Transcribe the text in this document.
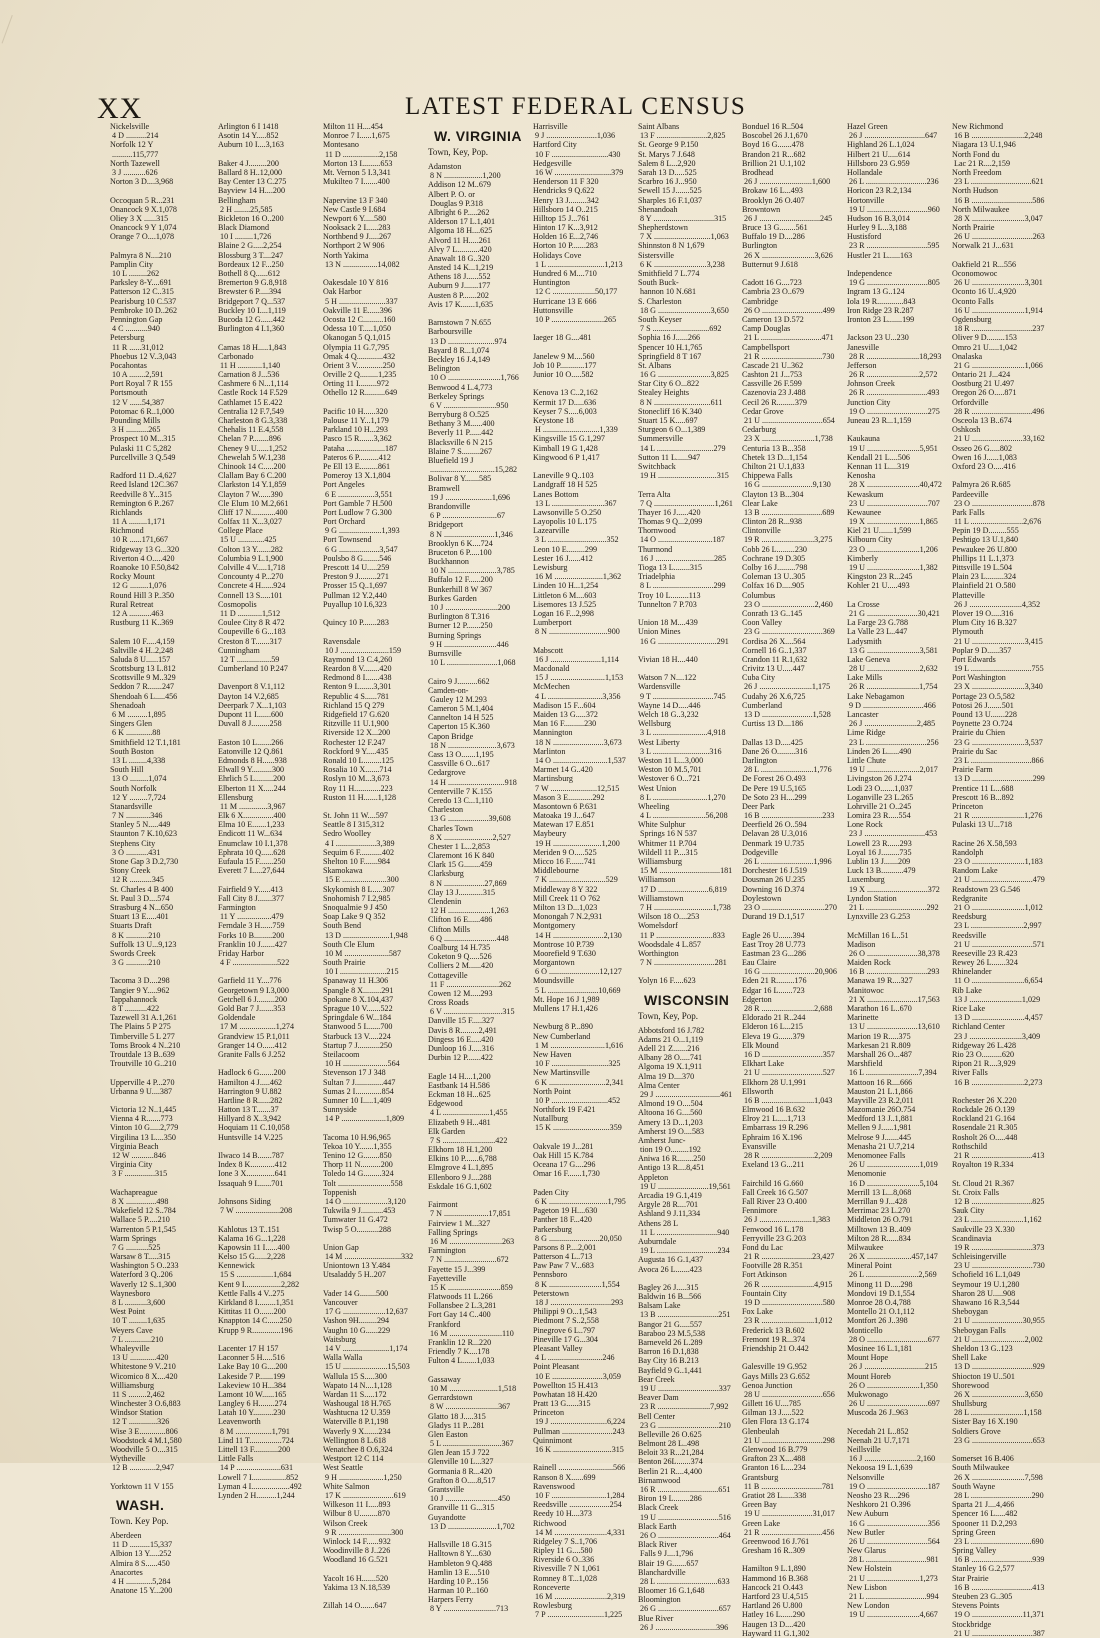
XX	LATEST FEDERAL CENSUS
Nickelsville
4 D ..........214
Norfolk 12 Y
..........115,777
North Tazewell
3 J ...........626
Norton 3 D....3,968
Occoquan 5 R...231
Onancock 9 X.1,078
Oliey 3 X ......315
Onancock 9 Y 1,074
Orange 7 O....1,078
Palmyra 8 N....210
Pamplin City
10 L .........262
Parksley 8-Y....691
Patterson 12 C..315
Pearisburg 10 C.537
Pembroke 10 D..262
Pennington Gap
4 C ...........940
Petersburg
11 R ......31,012
Phoebus 12 V..3,043
Pocahontas
10 A ........2,591
Port Royal 7 R 155
Portsmouth
12 V ......54,387
Potomac 6 R..1,000
Pounding Mills
3 H ...........265
Prospect 10 M...315
Pulaski 11 C 5,282
Purcellville 3 Q.549
Radford 11 D..4,627
Reed Island 12C.367
Reedville 8 Y...315
Remington 6 P..267
Richlands
11 A .........1,171
Richmond
10 R ......171,667
Ridgeway 13 G...320
Riverton 4 O.....420
Roanoke 10 F.50,842
Rocky Mount
12 G .........1,076
Round Hill 3 P..350
Rural Retreat
12 A ...........463
Rustburg 11 K..369
Salem 10 F.....4,159
Saltville 4 H..2,248
Saluda 8 U......157
Scottsburg 13 L.812
Scottsville 9 M..329
Seddon 7 R.......247
Shendoah 6 L.....456
Shenadoah
6 M ..........1,895
Singers Glen
6 K .............88
Smithfield 12 T.1,181
South Boston
13 L .........4,338
South Hill
13 O .........1,074
South Norfolk
12 Y .........7,724
Stanardsville
7 N ............346
Stanley 5 N.....449
Staunton 7 K.10,623
Stephens City
3 O ...........431
Stone Gap 3 D.2,730
Stony Creek
12 R ...........345
St. Charles 4 B 400
St. Paul 3 D....574
Strasburg 4 N...650
Stuart 13 E.....401
Stuarts Draft
8 K ...........210
Suffolk 13 U...9,123
Swords Creek
3 G ...........210
Tacoma 3 D....298
Tangier 9 Y.....962
Tappahannock
8 T ...........422
Tazewell 31 A.1,261
The Plains 5 P 275
Timberville 5 L 277
Toms Brook 4 N..210
Troutdale 13 B..639
Troutville 10 G..210
Upperville 4 P...270
Urbanna 9 U....387
Victoria 12 N..1,445
Vienna 4 R.......773
Vinton 10 G.....2,779
Virgilina 13 L....350
Virginia Beach
12 W ...........846
Virginia City
3 F ...............315
Wachapreague
8 X ...............498
Wakefield 12 S..784
Wallace 5 P.....210
Warrenton 5 P.1,545
Warm Springs
7 G ...........525
Warsaw 8 T.....315
Washington 5 O..233
Waterford 3 Q..206
Waverly 12 S..1,300
Waynesboro
8 L ...........3,600
West Point
10 T .........1,635
Weyers Cave
7 L .............210
Whaleyville
13 U .............420
Whitestone 9 V..210
Wicomico 8 X....420
Williamsburg
11 S .........2,462
Winchester 3 O.6,883
Windsor Station
12 T ..............326
Wise 3 E.............806
Woodstock 4 M.1,580
Woodville 5 O....315
Wytheville
12 B .............2,947
Yorktown 11 V 155
WASH.
Town. Key Pop.
Aberdeen
11 D ..........15,337
Albion 13 Y.....252
Almira 8 S......450
Anacortes
4 H .............5,284
Anatone 15 Y...200
Arlington 6 I 1418
Asotin 14 Y.....852
Auburn 10 I....3,163
Baker 4 J.........200
Ballard 8 H..12,000
Bay Center 13 C.275
Bayview 14 H....200
Bellingham
2 H ........25,585
Bickleton 16 O..200
Black Diamond
10 I .........1,726
Blaine 2 G.....2,254
Blossburg 3 T....247
Bordeaux 12 F...250
Bothell 8 Q......612
Bremerton 9 G.8,918
Brewster 6 P.....394
Bridgeport 7 Q...537
Buckley 10 I....1,119
Bucoda 12 G......442
Burlington 4 I.1,360
Camas 18 H.....1,843
Carbonado
11 H ............1,140
Carnation 8 J...536
Cashmere 6 N...1,114
Castle Rock 14 F.529
Cathlamet 15 E.422
Centralia 12 F.7,549
Charleston 8 G.3,338
Chehalis 11 E.4,558
Chelan 7 P........896
Cheney 9 U......1,252
Chewelah 5 W.1,238
Chinook 14 C.....200
Clallam Bay 6 C.200
Clarkston 14 Y.1,859
Clayton 7 W......390
Cle Elum 10 M.2,661
Cliff 17 N............400
Colfax 11 X...3,027
College Place
15 U .............425
Colton 13 Y.......282
Columbia 9 L.1,900
Colville 4 V.....1,718
Concounty 4 P...270
Concrete 4 H......924
Connell 13 S.....101
Cosmopolis
11 D ............1,512
Coulee City 8 R 472
Coupeville 6 G...183
Creston 8 T.......317
Cunningham
12 T .................59
Cumberland 10 P.247
Davenport 8 V.1,112
Dayton 14 V.2,685
Deerpark 7 X...1,103
Dupont 11 I.......600
Duvall 8 J.........258
Easton 10 L.......266
Eatonville 12 Q.861
Edmonds 8 H......938
Elwall 9 Y..........300
Ehrlich 5 L.........200
Elberton 11 X.....244
Ellensburg
11 M ..............3,967
Elk 6 X...............400
Elma 10 E.......1,233
Endicott 11 W...634
Enumclaw 10 I.1,378
Ephrata 10 Q......628
Eufaula 15 F.......250
Everett 7 I.....27,644
Fairfield 9 Y......413
Fall City 8 J.......377
Farmington
11 Y .................479
Ferndale 3 H......759
Forks 10 B.........200
Franklin 10 J.......427
Friday Harbor
4 F ......................522
Garfield 11 Y....776
Georgetown 9 I.3,000
Getchell 6 J.........200
Gold Bar 7 J.......353
Goldendale
17 M ..................1,274
Grandview 15 P.1,011
Granger 14 O......412
Granite Falls 6 J.252
Hadlock 6 G.......200
Hamilton 4 J.....462
Harrington 9 U.882
Hartline 8 R......282
Hatton 13 T.......37
Hillyard 8 X..3,942
Hoquiam 11 C.10,058
Huntsville 14 V.225
Ilwaco 14 B.......787
Index 8 K............412
Ione 3 X..............641
Issaquah 9 I.......701
Johnsons Siding
7 W ......................208
Kahlotus 13 T..151
Kalama 16 G...1,228
Kapowsin 11 I......400
Kelso 15 G......2,228
Kennewick
15 S ..................1,684
Kent 9 I..................2,282
Kettle Falls 4 V..275
Kirkland 8 I.........1,351
Kittitas 11 O.......200
Knappton 14 C......250
Krupp 9 R..............196
Lacenter 17 H 157
Laconner 5 H.....516
Lake Bay 10 G....200
Lakeside 7 P.......199
Lakeview 10 H...384
Lamont 10 W......165
Langley 6 H........274
Latah 10 Y..........230
Leavenworth
8 M ..................1,791
Lind 11 T................724
Littell 13 F............200
Little Falls
14 P ......................631
Lowell 7 I.................852
Lyman 4 I...................492
Lynden 2 H..........1,244
Milton 11 H....454
Monroe 7 I......1,675
Montesano
11 D ..................2,158
Morton 13 I.........653
Mt. Vernon 5 I.3,341
Mukilteo 7 I.......400
Napervine 13 F 340
New Castle 9 I.684
Newport 6 Y.....580
Nooksack 2 I......283
Northbend 9 J.....267
Northport 2 W 906
North Yakima
13 N .................14,082
Oakesdale 10 Y 816
Oak Harbor
5 H .......................337
Oakville 11 E......396
Ocosta 12 C..........160
Odessa 10 T.....1,050
Okanogan 5 Q.1,015
Olympia 11 G.7,795
Omak 4 Q.............432
Orient 3 V.............250
Orville 2 Q.........1,235
Orting 11 I.........972
Othello 12 R..........649
Pacific 10 H......320
Palouse 11 Y...1,179
Parkland 10 H...293
Pasco 15 R.......3,362
Pataha ...................187
Pateros 6 P..........412
Pe Ell 13 E.........861
Pomeroy 13 X.1,804
Port Angeles
6 E ..................3,551
Port Gamble 7 H.500
Port Ludlow 7 G.300
Port Orchard
9 G .....................1,393
Port Townsend
6 G ....................3,547
Poulsbo 8 G........546
Prescott 14 U.....259
Preston 9 J.........271
Prosser 15 Q..1,697
Pullman 12 Y.2,440
Puyallup 10 I.6,323
Quincy 10 P.......283
Ravensdale
10 J ........................159
Raymond 13 C.4,260
Reardon 8 V........420
Redmond 8 I.......438
Renton 9 I........3,301
Republic 4 S......781
Richland 15 Q 279
Ridgefield 17 G.620
Ritzville 11 U.1,900
Riverside 12 X...200
Rochester 12 F.247
Rockford 9 Y.....435
Ronald 10 L.........125
Rosalia 10 X.......714
Roslyn 10 M...3,673
Roy 11 H.............223
Ruston 11 H.......1,128
St. John 11 W....597
Seattle 8 I 315,312
Sedro Woolley
4 I ....................3,389
Sequim 6 F...........402
Shelton 10 F.......984
Skamokawa
15 E ......................300
Skykomish 8 L.....307
Snohomish 7 I.2,985
Snoqualmie 9 J 450
Soap Lake 9 Q 352
South Bend
13 D .......................1,948
South Cle Elum
10 M ......................587
South Prairie
10 I .......................215
Spanaway 11 H.306
Spangle 8 X.........291
Spokane 8 X.104,437
Sprague 10 V.......522
Springdale 6 W...184
Stanwood 5 I.......700
Starbuck 13 V.....224
Startup 7 J...........250
Steilacoom
10 H ......................564
Stevenson 17 J 348
Sultan 7 J..............447
Sumas 2 I.............854
Sumner 10 I.....1,409
Sunnyside
14 P ......................1,809
Tacoma 10 H.96,965
Tekoa 10 Y.......1,355
Tenino 12 G........850
Thorp 11 N..........200
Toledo 14 G.........324
Tolt ..........................558
Toppenish
14 O ......................3,120
Tukwila 9 J...........453
Tumwater 11 G.472
Twisp 5 O...........288
Union Gap
14 M ............................332
Uniontown 13 Y.484
Utsaladdy 5 H..207
Vader 14 G........500
Vancouver
17 G .....................12,637
Vashon 9H.........294
Vaughn 10 G......229
Waitsburg
14 V .......................1,174
Walla Walla
15 U ......................15,503
Wallula 15 S.....300
Wapato 14 N....1,128
Wardan 11 S.....172
Washougal 18 H.765
Washtucna 12 U.359
Waterville 8 P.1,198
Waverly 9 X.......234
Wellington 8 L.618
Wenatchee 8 O.6,324
Westport 12 C 114
West Seattle
9 H ......................1,250
White Salmon
17 K .........................619
Wilkeson 11 I.....893
Wilbur 8 U.........870
Wilson Creek
9 R ..........................300
Winlock 14 F......932
Woodinville 8 J..226
Woodland 16 G.521
Yacolt 16 H.......520
Yakima 13 N.18,539
Zillah 14 O.......647
W. VIRGINIA
Town, Key, Pop.
Adamston
8 N ...................1,200
Addison 12 M..679
Albert P. O. or
Douglas 9 P.318
Albright 6 P.....262
Alderson 17 L.1,401
Algoma 18 H....625
Alvord 11 H.....261
Alvy 7 L...........420
Anawalt 18 G..320
Ansted 14 K...1,219
Athens 18 J......552
Auburn 9 J.......177
Austen 8 P.......202
Avis 17 K.......1,635
Barnstown 7 N.655
Barboursville
13 D .......................974
Bayard 8 R...1,074
Beckley 16 J.4,149
Belington
10 O ..........................1,766
Benwood 4 L.4,773
Berkeley Springs
6 V ..........................950
Berryburg 8 O.525
Bethany 3 M......400
Beverly 11 P......442
Blacksville 6 N 215
Blaine 7 S.........267
Bluefield 19 J
................................15,282
Bolivar 8 Y.......585
Bramwell
19 J .......................1,696
Brandonville
6 P ...........................67
Bridgeport
8 N .........................1,346
Brooklyn 6 K....724
Bruceton 6 P.....100
Buckhannon
10 N ........................3,785
Buffalo 12 F......200
Bunkerhill 8 W 367
Burkes Garden
10 J ..........................200
Burlington 8 T.316
Burner 12 P.......250
Burning Springs
9 H ..........................446
Burnsville
10 L .........................1,068
Cairo 9 J..........662
Camden-on-
Gauley 12 M.293
Cameron 5 M.1,404
Cannelton 14 H 525
Caperton 15 K.360
Capon Bridge
18 N ........................3,673
Cass 13 O.......1,195
Cassville 6 O...617
Cedargrove
14 H ............................918
Centerville 7 K.155
Ceredo 13 C...1,110
Charleston
13 G ....................39,608
Charles Town
8 X ........................2,527
Chester 1 L...2,853
Claremont 16 K 840
Clark 15 G........459
Clarksburg
8 N ....................27,869
Clay 13 J............315
Clendenin
12 H .....................1,263
Clifton 16 E......486
Clifton Mills
6 Q ..........................448
Coalburg 14 H.735
Coketon 9 Q.....526
Colliers 2 M......420
Cottageville
11 F ..........................262
Cowen 12 M.....293
Cross Roads
6 V .............................315
Danville 15 F.....327
Davis 8 R.........2,491
Dingess 16 E.....420
Dunloop 16 J.....316
Durbin 12 P.......422
Eagle 14 H....1,200
Eastbank 14 H.586
Eckman 18 H...625
Edgewood
4 L .......................1,455
Elizabeth 9 H...481
Elk Garden
7 S ..........................422
Elkhorn 18 H.1,200
Elkins 10 P.......6,788
Elmgrove 4 L.1,895
Ellenboro 9 J....288
Eskdale 16 G.1,602
Fairmont
7 N ......................17,851
Fairview 1 M...327
Falling Springs
16 M ..........................263
Farmington
7 N ..........................672
Fayette 15 J...399
Fayetteville
15 K ..........................859
Flatwoods 11 L.266
Follansbee 2 L.3,281
Fort Gay 14 C..400
Frankford
16 M ..........................110
Franklin 12 R...220
Friendly 7 K....178
Fulton 4 L.......1,033
Gassaway
10 M ........................1,518
Gerrardstown
8 W ..........................367
Glatto 18 J.....315
Gladys 11 P...281
Glen Easton
5 L .............................367
Glen Jean 15 J 722
Glenville 10 L...327
Gormania 8 R...420
Grafton 8 O.....8,517
Grantsville
10 J ..........................450
Granville 11 G...315
Guyandotte
13 D ........................1,702
Hallsville 18 G.315
Halltown 8 Y....630
Hambleton 9 Q.488
Hamlin 13 E....510
Harding 10 P...156
Harman 10 P...160
Harpers Ferry
8 Y ..........................713
Harrisville
9 J .........................1,036
Hartford City
10 F ............................430
Hedgesville
16 W ............................379
Henderson 11 F 320
Hendricks 9 Q.622
Henry 13 J.........342
Hillsboro 14 O..215
Hilltop 15 J...761
Hinton 17 K...3,912
Holden 16 E...2,746
Horton 10 P.......283
Holidays Cove
1 L ............................1,213
Hundred 6 M....710
Huntington
12 C .....................50,177
Hurricane 13 E 666
Huttonsville
10 P ..........................265
Iaeger 18 G....481
Janelew 9 M....560
Job 10 P............177
Junior 10 O.....582
Kenova 13 C..2,162
Kermit 17 D.....636
Keyser 7 S.....6,003
Keystone 18
H ............................1,339
Kingsville 15 G.1,297
Kimball 19 G 1,428
Kingwood 6 P 1,417
Laneville 9 Q..103
Landgraff 18 H 525
Lanes Bottom
13 L ..........................367
Lawsonville 5 O.250
Layopolis 10 L.175
Lazearville
3 L .............................352
Leon 10 E.........299
Lester 16 J......412
Lewisburg
16 M ........................1,362
Linden 10 H...1,254
Littleton 6 M....603
Lisemores 13 J.525
Logan 16 F...2,998
Lumberport
8 N .............................900
Mabscott
16 J .........................1,114
Macdonald
15 J ...........................1,153
McMechen
4 L ...........................3,356
Madison 15 F...604
Maiden 13 G.....372
Man 16 F..........230
Mannington
18 N .........................3,673
Marlinton
14 O ...........................1,537
Marmet 14 G..420
Martinsburg
7 W .......................12,515
Mason 3 E............292
Masontown 6 P.631
Matoaka 19 J...647
Matewan 17 E.851
Maybeury
19 H ........................1,200
Meriden 9 O.....525
Micco 16 F.......741
Middlebourne
7 K ............................529
Middleway 8 Y 322
Mill Creek 11 O 762
Milton 13 D...1,023
Monongah 7 N.2,931
Montgomery
14 H .........................2,130
Montrose 10 P.739
Moorefield 9 T.630
Morgantown
6 O .........................12,127
Moundsville
5 L .........................10,669
Mt. Hope 16 J 1,989
Mullens 17 H.1,426
Newburg 8 P...890
New Cumberland
1 M ...........................1,616
New Haven
10 F ............................325
New Martinsville
6 K ............................2,341
North Point
10 P ............................452
Northfork 19 F.421
Nutallburg
15 K ............................359
Oakvale 19 J...281
Oak Hill 15 K.784
Oceana 17 G....296
Omar 16 F.......1,730
Paden City
6 K .............................1,795
Pageton 19 H....630
Panther 18 F...420
Parkersburg
8 G .........................20,050
Parsons 8 P....2,001
Patterson 4 L..713
Paw Paw 7 V...683
Pennsboro
8 K ..........................1,554
Peterstown
18 J ..............................293
Philippi 9 O...1,543
Piedmont 7 S..2,558
Pinegrove 6 L..797
Pineville 17 G...304
Pleasant Valley
4 L ...........................246
Point Pleasant
10 E .........................3,059
Powellton 15 H.413
Powhatan 18 H.420
Pratt 13 G......315
Princeton
19 J ............................6,224
Pullman .........................243
Quinnimont
16 K .............................315
Rainell ...........................566
Ranson 8 X......699
Ravenswood
10 F ...........................1,284
Reedsville ....................254
Reedy 10 H....373
Richwood
14 M ..........................4,331
Ridgeley 7 S..1,706
Ripley 11 G....580
Riverside 6 O..336
Rivesville 7 N 1,061
Romney 8 T...1,028
Ronceverte
16 M ..........................2,319
Rowlesburg
7 P ............................1,225
Saint Albans
13 F .........................2,825
St. George 9 P.150
St. Marys 7 J.648
Salem 8 L...2,920
Sarah 13 D.....525
Scarbro 16 J...950
Sewell 15 J.......525
Sharples 16 F.1,037
Shenandoah
8 Y ..............................315
Shepherdstown
7 X ............................1,063
Shinnston 8 N 1,679
Sistersville
6 K ..........................3,238
Smithfield 7 L.774
South Buck-
hannon 10 N.681
S. Charleston
18 G ..........................3,650
South Keyser
7 S ............................692
Sophia 16 J......266
Spencer 10 H.1,765
Springfield 8 T 167
St. Albans
16 G ..........................3,825
Star City 6 O...822
Stealey Heights
8 N ............................611
Stonecliff 16 K.340
Stuart 15 K.....697
Sturgeon 6 O...1,389
Summersville
14 L ............................279
Sutton 11 L......947
Switchback
19 H .............................315
Terra Alta
7 Q ..............................1,261
Thayer 16 J......420
Thomas 9 Q...2,099
Thornwood
14 O ...........................187
Thurmond
16 J .............................285
Tioga 13 L........315
Triadelphia
8 L ..............................299
Troy 10 L.........113
Tunnelton 7 P.703
Union 18 M....439
Union Mines
16 G .............................291
Vivian 18 H....440
Watson 7 N....122
Wardensville
9 T ..............................745
Wayne 14 D.....446
Welch 18 G..3,232
Wellsburg
3 L ...........................4,918
West Liberty
3 L ............................316
Weston 11 L...3,000
Weston 10 M.5,701
Westover 6 O...721
West Union
8 L ...........................1,270
Wheeling
4 L ..........................56,208
White Sulphur
Springs 16 N 537
Whitmer 11 P.704
Wildell 11 P....315
Williamsburg
15 M ..............................181
Williamson
17 D .........................6,819
Williamstown
7 H .............................1,738
Wilson 18 O....253
Womelsdorf
11 P ............................833
Woodsdale 4 L.857
Worthington
7 N ..............................281
Yolyn 16 F.....623
WISCONSIN
Town, Key, Pop.
Abbotsford 16 J.782
Adams 21 O...1,119
Adell 21 Z.......216
Albany 28 O.....741
Algoma 19 X.1,911
Alma 19 D....370
Alma Center
29 J ................................461
Almond 19 O....504
Altoona 16 G....560
Amery 13 D...1,203
Amherst 19 O....583
Amherst Junc-
tion 19 O.........192
Aniwa 16 R........250
Antigo 13 R....8,451
Appleton
19 U .........................19,561
Arcadia 19 G.1,419
Argyle 28 R....701
Ashland 9 J.11,334
Athens 28 L
11 L ..............................940
Auburndale
19 L ..............................234
Augusta 16 G.1,437
Avoca 26 L.......423
Bagley 26 J.....315
Baldwin 16 B...566
Balsam Lake
13 B ..............................251
Bangor 21 G.....557
Baraboo 23 M.5,538
Barneveld 26 L.289
Barron 16 D.1,838
Bay City 16 B.213
Bayfield 9 G..1,441
Bear Creek
19 U ..............................337
Beaver Dam
23 R ..........................7,992
Bell Center
23 G ..............................210
Belleville 26 O.625
Belmont 28 L..498
Beloit 33 R...21,284
Benton 26L.......374
Berlin 21 R....4,400
Birnamwood
16 R ..............................651
Biron 19 L........286
Black Creek
19 U ..............................516
Black Earth
26 O ..............................464
Black River
Falls 9 J....1,796
Blair 19 G.......657
Blanchardville
28 L ..............................633
Bloomer 16 G.1,648
Bloomington
26 G ..............................657
Blue River
26 J ..............................396
Bonduel 16 R..504
Boscobel 26 J.1,670
Boyd 16 G.......478
Brandon 21 R...682
Brillion 21 U.1,102
Brodhead
26 J ..........................1,600
Brokaw 16 L...493
Brooklyn 26 O.407
Browntown
26 J ..............................245
Bruce 13 G........561
Buffalo 19 D....286
Burlington
26 X ..........................3,626
Butternut 9 J.618
Cadott 16 G....723
Cambria 23 O..679
Cambridge
26 O ..............................499
Cameron 13 D.572
Camp Douglas
21 L ..............................471
Campbellsport
21 R ..............................730
Cascade 21 U..362
Cashton 21 J...753
Cassville 26 F.599
Cazenovia 23 J.488
Cecil 26 R.........379
Cedar Grove
21 U ..............................654
Cedarburg
23 X ..........................1,738
Centuria 13 B...358
Chetek 13 D...1,154
Chilton 21 U.1,833
Chippewa Falls
16 G .........................9,130
Clayton 13 B...304
Clear Lake
13 B ..............................689
Clinton 28 R...938
Clintonville
19 R ..........................3,275
Cobb 26 L.........230
Cochrane 19 D.305
Colby 16 J.........798
Coleman 13 U..305
Colfax 16 D.....905
Columbus
23 O ..........................2,460
Conrath 13 G..145
Coon Valley
23 G ..............................369
Cordisa 26 X....564
Cornell 16 G..1,337
Crandon 11 R.1,632
Crivitz 13 U.....447
Cuba City
26 J ..........................1,175
Cudahy 26 X.6,725
Cumberland
13 D .........................1,528
Curtiss 13 D....186
Dallas 13 D.....425
Dane 26 O.........316
Darlington
28 L ..........................1,776
De Forest 26 O.493
De Pere 19 U.5,165
De Soto 23 H....299
Deer Park
16 B ..............................233
Deerfield 26 O..594
Delavan 28 U.3,016
Denmark 19 U.735
Dodgeville
26 L ..........................1,996
Dorchester 16 J.519
Dousman 26 U.235
Downing 16 D.374
Doylestown
23 O ...............................270
Durand 19 D.1,517
Eagle 26 U.......394
East Troy 28 U.773
Eastman 23 G...286
Eau Claire
16 G ..........................20,906
Eden 21 R.........176
Edgar 16 L.......723
Edgerton
28 R ..........................2,688
Eldorado 21 R..244
Elderon 16 L...215
Eleva 19 G.......379
Elk Mound
16 D ..............................357
Elkhart Lake
21 U ..............................527
Elkhorn 28 U.1,991
Ellsworth
16 B ..........................1,043
Elmwood 16 B.632
Elroy 21 L.....1,713
Embarrass 19 R.296
Ephraim 16 X.196
Evansville
28 R ..........................2,209
Exeland 13 G...211
Fairchild 16 G.660
Fall Creek 16 G.507
Fall River 23 O.400
Fennimore
26 J ..........................1,383
Fenwood 16 L.178
Ferryville 23 G.203
Fond du Lac
21 R .........................23,427
Footville 28 R.351
Fort Atkinson
26 R ..........................4,915
Fountain City
19 D ..............................580
Fox Lake
23 R ..........................1,012
Frederick 13 B.602
Fremont 19 R...374
Friendship 21 O.442
Galesville 19 G.952
Gays Mills 23 G.652
Genoa Junction
28 U ..............................656
Gillett 16 U....785
Gilman 13 J.....522
Glen Flora 13 G.174
Glenbeulah
21 U ..............................298
Glenwood 16 B.779
Grafton 23 X....488
Granton 16 L....234
Grantsburg
11 B ..............................781
Gratiot 28 L......338
Green Bay
19 U .........................31,017
Green Lake
21 R ..............................456
Greenwood 16 J.761
Gresham 16 R..309
Hamilton 9 L.1,890
Hammond 16 B.368
Hancock 21 O.443
Hartford 23 U.4,515
Hartland 26 U.800
Hatley 16 L......290
Haugen 13 D....420
Hayward 11 G.1,302
Hazel Green
26 J ..............................647
Highland 26 L.1,024
Hilbert 21 U.....614
Hillsboro 23 G.959
Hollandale
26 L ..............................236
Horicon 23 R.2,134
Hortonville
19 U ..............................960
Hudson 16 B.3,014
Hurley 9 L...3,188
Hustisford
23 R ..............................595
Hustler 21 L......163
Independence
19 G ..............................805
Ingram 13 G..124
Iola 19 R.............843
Iron Ridge 23 R.287
Ironton 23 L.......199
Jackson 23 U...230
Janesville
28 R ..........................18,293
Jefferson
26 R ..........................2,572
Johnson Creek
26 R ..............................493
Junction City
19 O ..............................275
Juneau 23 R...1,159
Kaukauna
19 U ..........................5,951
Kendall 21 L....506
Kennan 11 L....319
Kenosha
28 X ..........................40,472
Kewaskum
23 U ..............................707
Kewaunee
19 X ..........................1,865
Kiel 21 U.......1,599
Kilbourn City
23 O ..........................1,206
Kimberly
19 U ..........................1,382
Kingston 23 R...245
Kohler 21 U.....493
La Crosse
21 G .........................30,421
La Farge 23 G.788
La Valle 23 L..447
Ladysmith
13 G ..........................3,581
Lake Geneva
28 U ..........................2,632
Lake Mills
26 R ..........................1,754
Lake Nebagamon
9 D ..............................466
Lancaster
26 J ..........................2,485
Lime Ridge
23 L ..............................256
Linden 26 L......490
Little Chute
19 U ..........................2,017
Livingston 26 J.274
Lodi 23 O.......1,037
Loganville 23 L.265
Lohrville 21 O..245
Lomira 23 R.....554
Lone Rock
23 J ..............................453
Lowell 23 R......293
Loyal 16 J.........735
Lublin 13 J.......209
Luck 13 B...........479
Luxemburg
19 X ..............................372
Lyndon Station
21 L ..............................292
Lynxville 23 G.253
McMillan 16 L..51
Madison
26 O .........................38,378
Maiden Rock
16 B ..............................293
Manawa 19 R....327
Manitowoc
21 X .........................17,563
Marathon 16 L..670
Marinette
13 U .........................13,610
Marion 19 R.....375
Markesan 21 R.809
Marshall 26 O...487
Marshfield
16 L ..........................7,394
Mattoon 16 R....666
Mauston 21 L.1,866
Mayville 23 R.2,011
Mazomanie 26O.754
Medford 13 J..1,881
Mellen 9 J......1,981
Melrose 9 J.......445
Menasha 21 U.7,214
Menomonee Falls
26 U ..........................1,019
Menomonie
16 D ..........................5,104
Merrill 13 L...8,068
Merrillan 9 J...428
Merrimac 23 L.270
Middleton 26 O.791
Milltown 13 B..409
Milton 28 R......834
Milwaukee
26 X ......................457,147
Mineral Point
26 L ..........................2,569
Minong 11 D.....298
Mondovi 19 D.1,554
Monroe 28 O.4,788
Montello 21 O.1,112
Montfort 26 J..398
Monticello
28 O ..............................677
Mosinee 16 L.1,181
Mount Hope
26 J ..............................215
Mount Horeb
26 O ..........................1,350
Mukwonago
26 U ..............................697
Muscoda 26 J..963
Necedah 21 L..852
Neenah 21 U.7,171
Neillsville
16 J ..........................2,160
Nekoosa 19 L.1,639
Nelsonville
19 O ..............................187
Neosho 23 R....296
Neshkoro 21 O.396
New Auburn
16 G ..............................356
New Butler
26 U ..............................564
New Glarus
28 L ..............................981
New Holstein
21 U ..........................1,273
New Lisbon
21 L ..............................994
New London
19 U ..........................4,667
New Richmond
16 B ..........................2,248
Niagara 13 U.1,946
North Fond du
Lac 21 R....2,159
North Freedom
23 L ..............................621
North Hudson
16 B ..............................586
North Milwaukee
28 X ..........................3,047
North Prairie
26 U ..............................263
Norwalk 21 J...631
Oakfield 21 R...556
Oconomowoc
26 U ..........................3,301
Oconto 16 U..4,920
Oconto Falls
16 U ..........................1,914
Ogdensburg
18 R ..............................237
Oliver 9 D.........153
Omro 21 U.....1,042
Onalaska
21 G ..........................1,066
Ontario 21 J...424
Oostburg 21 U.497
Oregon 26 O.....871
Orfordville
28 R ..............................496
Osceola 13 B..674
Oshkosh
21 U .........................33,162
Osseo 26 G.....802
Owen 16 J......1,083
Oxford 23 O.....416
Palmyra 26 R.685
Pardeeville
23 O ..............................878
Park Falls
11 L ..........................2,676
Pepin 19 D.........555
Peshtigo 13 U.1,840
Pewaukee 26 U.800
Phillips 11 L.1,373
Pittsville 19 L.504
Plain 23 L.........324
Plainfield 21 O.580
Platteville
26 J ..........................4,352
Plover 19 O.....316
Plum City 16 B.327
Plymouth
21 U ..........................3,415
Poplar 9 D......357
Port Edwards
19 L ..............................755
Port Washington
23 X ..........................3,340
Portage 23 O.5,582
Potosi 26 J.......501
Pound 13 U.......228
Poynette 23 O.724
Prairie du Chien
23 G ..........................3,537
Prairie du Sac
23 L ..............................866
Prairie Farm
13 D ..............................299
Prentice 11 L...688
Prescott 16 B...892
Princeton
21 R ..........................1,276
Pulaski 13 U...718
Racine 26 X.58,593
Randolph
23 O ..........................1,183
Random Lake
21 U ..............................479
Readstown 23 G.546
Redgranite
21 O ..........................1,012
Reedsburg
23 L ..........................2,997
Reedsville
21 U ..............................571
Reeseville 23 R.423
Rewey 26 L.......324
Rhinelander
11 O ..........................6,654
Rib Lake
13 J ..........................1,029
Rice Lake
13 D ..........................4,457
Richland Center
23 J ..........................3,409
Ridgeway 26 L.428
Rio 23 O..........620
Ripon 21 R....3,929
River Falls
16 B ..........................2,273
Rochester 26 X.220
Rockdale 26 O.139
Rockland 21 G.164
Rosendale 21 R.305
Rosholt 26 O.....448
Rothschild
21 R ..............................413
Royalton 19 R.334
St. Cloud 21 R.367
St. Croix Falls
12 B ..............................825
Sauk City
23 L ..........................1,162
Saukville 23 X.330
Scandinavia
19 R ..............................373
Schleisingerville
23 U ..............................730
Schofield 16 L.1,049
Seymour 19 U.1,280
Sharon 28 U.....908
Shawano 16 R.3,544
Sheboygan
21 U .........................30,955
Sheboygan Falls
21 U ..........................2,002
Sheldon 13 G..123
Shell Lake
13 D ..............................929
Shiocton 19 U..501
Shorewood
26 X ..........................3,650
Shullsburg
28 L ..........................1,158
Sister Bay 16 X.190
Soldiers Grove
23 G ..............................653
Somerset 16 B.406
South Milwaukee
26 X ..........................7,598
South Wayne
28 L ..............................290
Sparta 21 J....4,466
Spencer 16 L.....482
Spooner 11 D.2,293
Spring Green
23 L ..............................690
Spring Valley
16 B ..............................939
Stanley 16 G.2,577
Star Prairie
16 B ..............................413
Steuben 23 G..305
Stevens Points
19 O .........................11,371
Stockbridge
21 U ..............................387
